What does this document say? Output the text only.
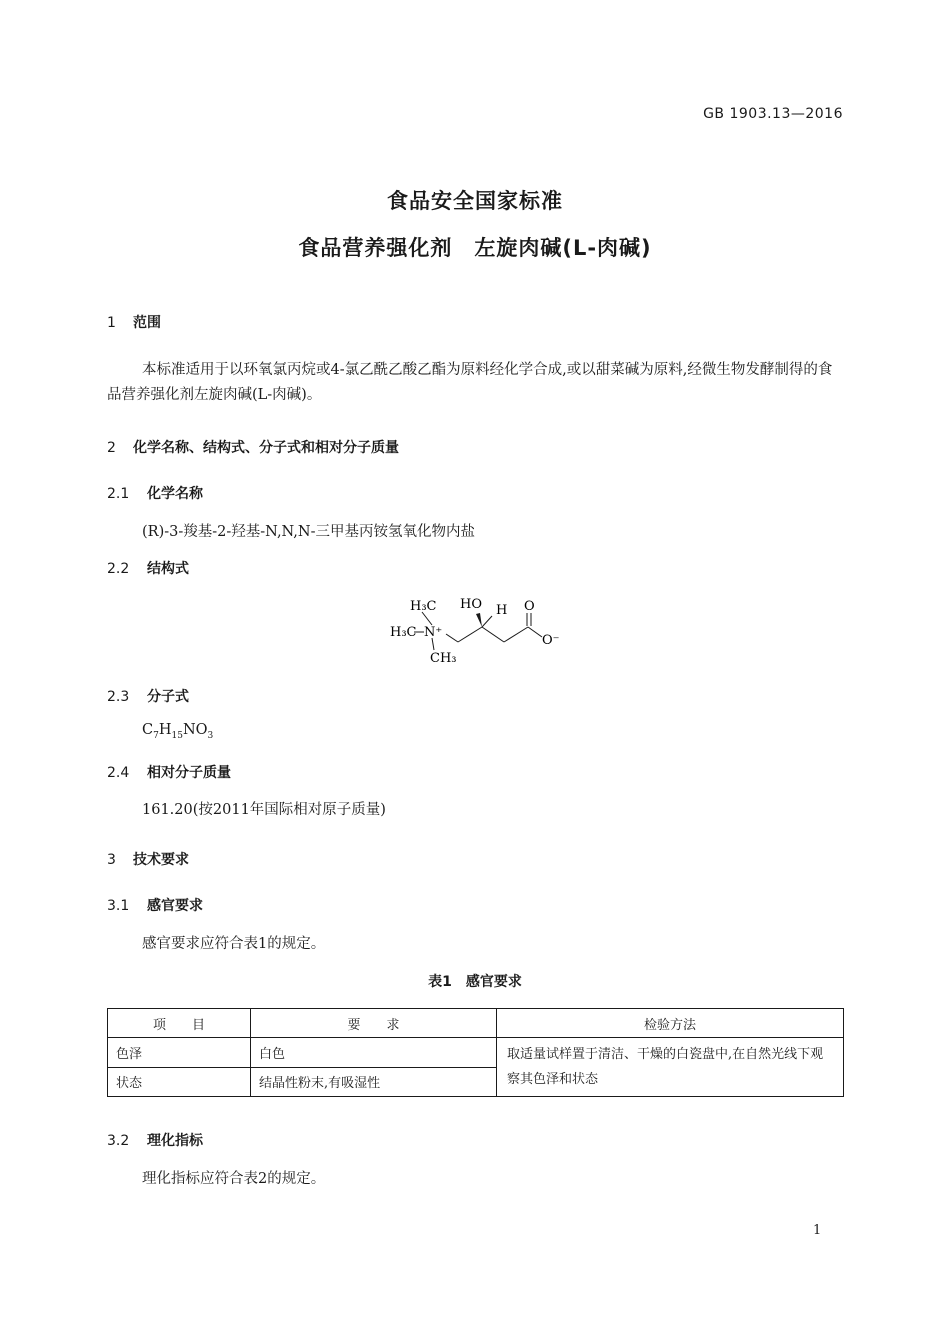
GB 1903.13—2016
食品安全国家标准
食品营养强化剂　左旋肉碱(L-肉碱)
1 范围
本标准适用于以环氧氯丙烷或4-氯乙酰乙酸乙酯为原料经化学合成,或以甜菜碱为原料,经微生物发酵制得的食品营养强化剂左旋肉碱(L-肉碱)。
2 化学名称、结构式、分子式和相对分子质量
2.1 化学名称
(R)-3-羧基-2-羟基-N,N,N-三甲基丙铵氢氧化物内盐
2.2 结构式
H₃C
H₃C N⁺
CH₃
HO H O
O⁻
2.3 分子式
$C_7H_{15}NO_3$
2.4 相对分子质量
161.20(按2011年国际相对原子质量)
3 技术要求
3.1 感官要求
感官要求应符合表1的规定。
表1　感官要求
项　　目	要　　求	检验方法
色泽	白色	取适量试样置于清洁、干燥的白瓷盘中,在自然光线下观察其色泽和状态
状态	结晶性粉末,有吸湿性	
3.2 理化指标
理化指标应符合表2的规定。
1
